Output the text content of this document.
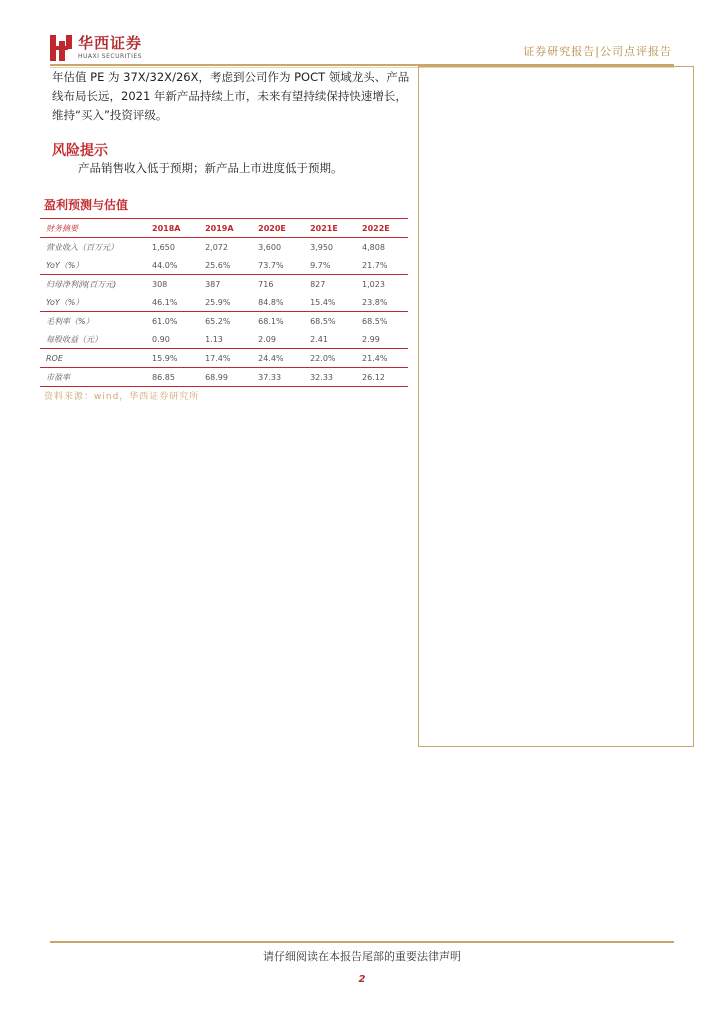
华西证券
HUAXI SECURITIES	证券研究报告|公司点评报告
年估值 PE 为 37X/32X/26X，考虑到公司作为 POCT 领域龙头、产品线布局长远，2021 年新产品持续上市，未来有望持续保持快速增长，维持“买入”投资评级。
风险提示
产品销售收入低于预期；新产品上市进度低于预期。
盈利预测与估值
财务摘要	2018A	2019A	2020E	2021E	2022E
营业收入（百万元）	1,650	2,072	3,600	3,950	4,808
YoY（%）	44.0%	25.6%	73.7%	9.7%	21.7%
归母净利润(百万元)	308	387	716	827	1,023
YoY（%）	46.1%	25.9%	84.8%	15.4%	23.8%
毛利率（%）	61.0%	65.2%	68.1%	68.5%	68.5%
每股收益（元）	0.90	1.13	2.09	2.41	2.99
ROE	15.9%	17.4%	24.4%	22.0%	21.4%
市盈率	86.85	68.99	37.33	32.33	26.12
资料来源：wind，华西证券研究所
请仔细阅读在本报告尾部的重要法律声明
2
